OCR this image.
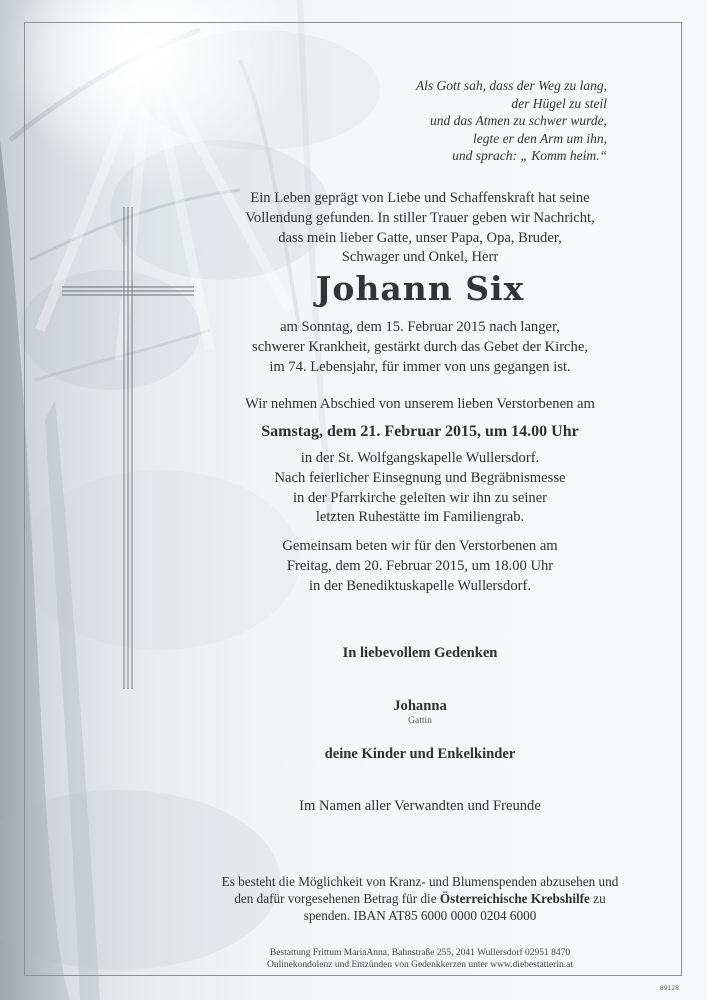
Als Gott sah, dass der Weg zu lang,
der Hügel zu steil
und das Atmen zu schwer wurde,
legte er den Arm um ihn,
und sprach: „ Komm heim.“
Ein Leben geprägt von Liebe und Schaffenskraft hat seine
Vollendung gefunden. In stiller Trauer geben wir Nachricht,
dass mein lieber Gatte, unser Papa, Opa, Bruder,
Schwager und Onkel, Herr
Johann Six
am Sonntag, dem 15. Februar 2015 nach langer,
schwerer Krankheit, gestärkt durch das Gebet der Kirche,
im 74. Lebensjahr, für immer von uns gegangen ist.
Wir nehmen Abschied von unserem lieben Verstorbenen am
Samstag, dem 21. Februar 2015, um 14.00 Uhr
in der St. Wolfgangskapelle Wullersdorf.
Nach feierlicher Einsegnung und Begräbnismesse
in der Pfarrkirche geleiten wir ihn zu seiner
letzten Ruhestätte im Familiengrab.
Gemeinsam beten wir für den Verstorbenen am
Freitag, dem 20. Februar 2015, um 18.00 Uhr
in der Benediktuskapelle Wullersdorf.
In liebevollem Gedenken
Johanna
Gattin
deine Kinder und Enkelkinder
Im Namen aller Verwandten und Freunde
Es besteht die Möglichkeit von Kranz- und Blumenspenden abzusehen und
den dafür vorgesehenen Betrag für die Österreichische Krebshilfe zu
spenden. IBAN AT85 6000 0000 0204 6000
Bestattung Frittum MariaAnna, Bahnstraße 255, 2041 Wullersdorf 02951 8470
Onlinekondolenz und Entzünden von Gedenkkerzen unter www.diebestatterin.at
89128
